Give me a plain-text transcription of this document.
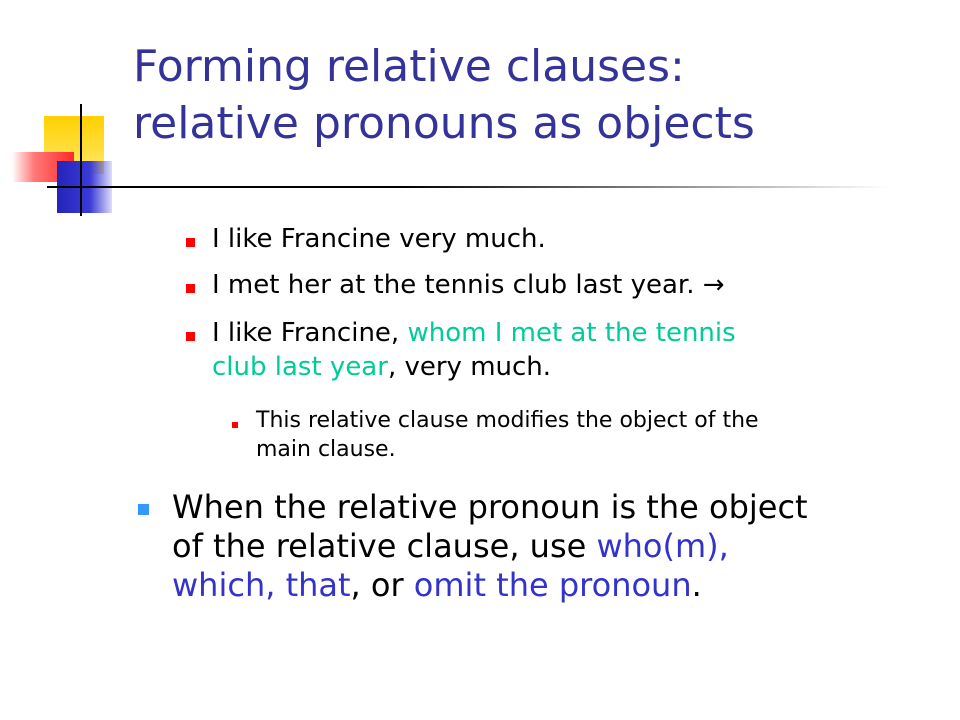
Forming relative clauses:
relative pronouns as objects
I like Francine very much.
I met her at the tennis club last year. →
I like Francine, whom I met at the tennis
club last year, very much.
This relative clause modifies the object of the
main clause.
When the relative pronoun is the object
of the relative clause, use who(m),
which, that, or omit the pronoun.
